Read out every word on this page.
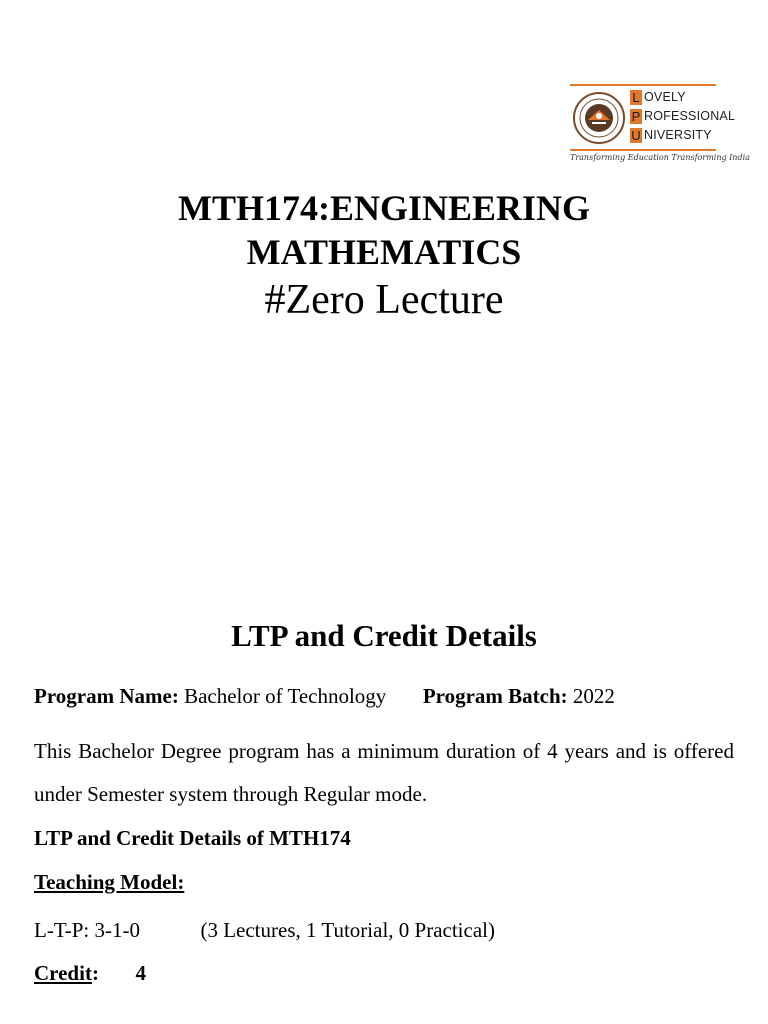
L OVELY
P ROFESSIONAL
U NIVERSITY
Transforming Education Transforming India

MTH174:ENGINEERING

MATHEMATICS

#Zero Lecture

LTP and Credit Details
Program Name: Bachelor of Technology Program Batch: 2022
This Bachelor Degree program has a minimum duration of 4 years and is offered under Semester system through Regular mode.
LTP and Credit Details of MTH174
Teaching Model:
L-T-P: 3-1-0	(3 Lectures, 1 Tutorial, 0 Practical)
Credit: 4
